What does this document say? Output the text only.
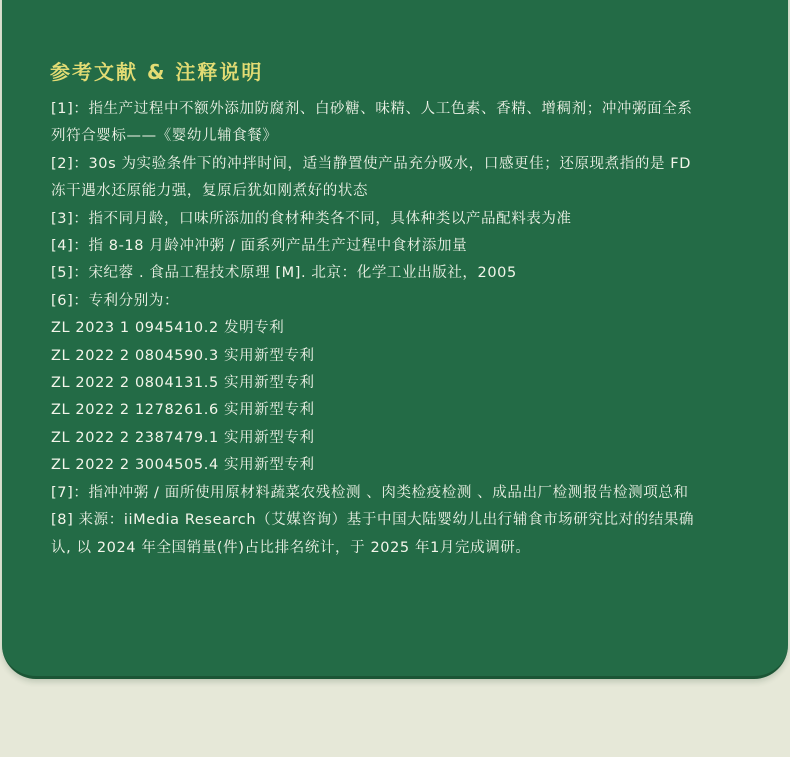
参考文献 & 注释说明

[1]：指生产过程中不额外添加防腐剂、白砂糖、味精、人工色素、香精、增稠剂；冲冲粥面全系列符合婴标——《婴幼儿辅食餐》

[2]：30s 为实验条件下的冲拌时间，适当静置使产品充分吸水，口感更佳；还原现煮指的是 FD 冻干遇水还原能力强，复原后犹如刚煮好的状态

[3]：指不同月龄，口味所添加的食材种类各不同，具体种类以产品配料表为准

[4]：指 8-18 月龄冲冲粥 / 面系列产品生产过程中食材添加量

[5]：宋纪蓉 . 食品工程技术原理 [M]. 北京：化学工业出版社，2005

[6]：专利分别为：

ZL 2023 1 0945410.2 发明专利

ZL 2022 2 0804590.3 实用新型专利

ZL 2022 2 0804131.5 实用新型专利

ZL 2022 2 1278261.6 实用新型专利

ZL 2022 2 2387479.1 实用新型专利

ZL 2022 2 3004505.4 实用新型专利

[7]：指冲冲粥 / 面所使用原材料蔬菜农残检测 、肉类检疫检测 、成品出厂检测报告检测项总和

[8] 来源：iiMedia Research（艾媒咨询）基于中国大陆婴幼儿出行辅食市场研究比对的结果确认, 以 2024 年全国销量(件)占比排名统计，于 2025 年1月完成调研。
